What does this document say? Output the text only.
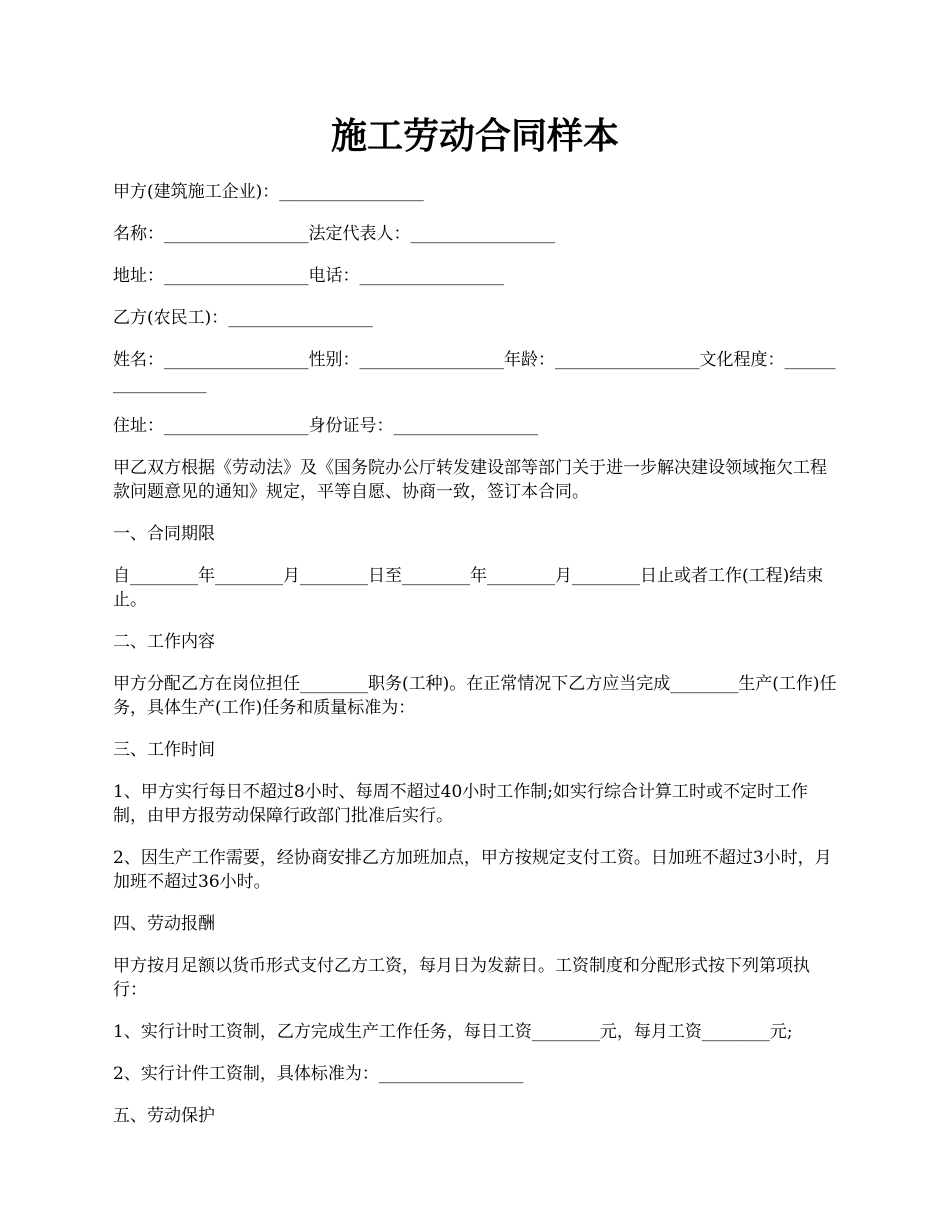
施工劳动合同样本

甲方(建筑施工企业)：_________________

名称：_________________法定代表人：_________________

地址：_________________电话：_________________

乙方(农民工)：_________________

姓名：_________________性别：_________________年龄：_________________文化程度：_________________

住址：_________________身份证号：_________________

甲乙双方根据《劳动法》及《国务院办公厅转发建设部等部门关于进一步解决建设领域拖欠工程款问题意见的通知》规定，平等自愿、协商一致，签订本合同。

一、合同期限

自________年________月________日至________年________月________日止或者工作(工程)结束止。

二、工作内容

甲方分配乙方在岗位担任________职务(工种)。在正常情况下乙方应当完成________生产(工作)任务，具体生产(工作)任务和质量标准为：

三、工作时间

1、甲方实行每日不超过8小时、每周不超过40小时工作制;如实行综合计算工时或不定时工作制，由甲方报劳动保障行政部门批准后实行。

2、因生产工作需要，经协商安排乙方加班加点，甲方按规定支付工资。日加班不超过3小时，月加班不超过36小时。

四、劳动报酬

甲方按月足额以货币形式支付乙方工资，每月日为发薪日。工资制度和分配形式按下列第项执行：

1、实行计时工资制，乙方完成生产工作任务，每日工资________元，每月工资________元;

2、实行计件工资制，具体标准为：_________________

五、劳动保护
